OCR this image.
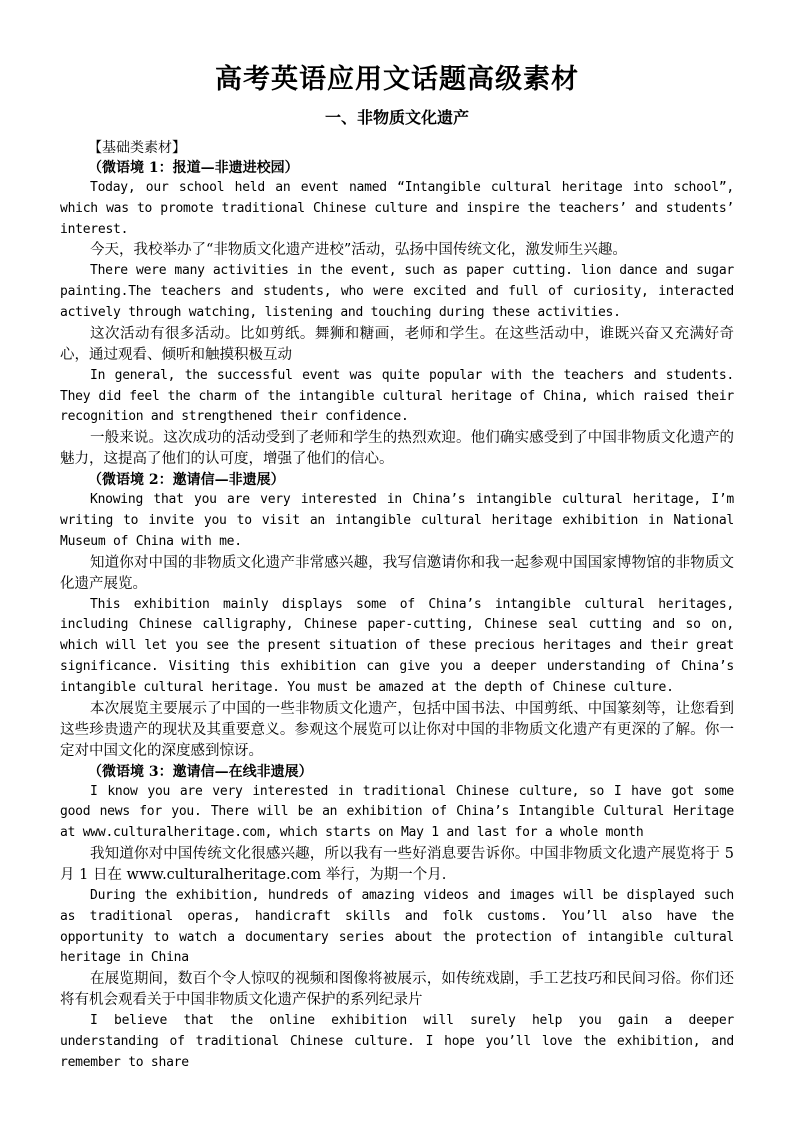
高考英语应用文话题高级素材
一、非物质文化遗产

【基础类素材】

（微语境 1：报道—非遗进校园）

Today, our school held an event named “Intangible cultural heritage into school”, which was to promote traditional Chinese culture and inspire the teachers’ and students’ interest.

今天，我校举办了“非物质文化遗产进校”活动，弘扬中国传统文化，激发师生兴趣。

There were many activities in the event, such as paper cutting. lion dance and sugar painting.The teachers and students, who were excited and full of curiosity, interacted actively through watching, listening and touching during these activities.

这次活动有很多活动。比如剪纸。舞狮和糖画，老师和学生。在这些活动中，谁既兴奋又充满好奇心，通过观看、倾听和触摸积极互动

In general, the successful event was quite popular with the teachers and students. They did feel the charm of the intangible cultural heritage of China, which raised their recognition and strengthened their confidence.

一般来说。这次成功的活动受到了老师和学生的热烈欢迎。他们确实感受到了中国非物质文化遗产的魅力，这提高了他们的认可度，增强了他们的信心。

（微语境 2：邀请信—非遗展）

Knowing that you are very interested in China’s intangible cultural heritage, I’m writing to invite you to visit an intangible cultural heritage exhibition in National Museum of China with me.

知道你对中国的非物质文化遗产非常感兴趣，我写信邀请你和我一起参观中国国家博物馆的非物质文化遗产展览。

This exhibition mainly displays some of China’s intangible cultural heritages, including Chinese calligraphy, Chinese paper-cutting, Chinese seal cutting and so on, which will let you see the present situation of these precious heritages and their great significance. Visiting this exhibition can give you a deeper understanding of China’s intangible cultural heritage. You must be amazed at the depth of Chinese culture.

本次展览主要展示了中国的一些非物质文化遗产，包括中国书法、中国剪纸、中国篆刻等，让您看到这些珍贵遗产的现状及其重要意义。参观这个展览可以让你对中国的非物质文化遗产有更深的了解。你一定对中国文化的深度感到惊讶。

（微语境 3：邀请信—在线非遗展）

I know you are very interested in traditional Chinese culture, so I have got some good news for you. There will be an exhibition of China’s Intangible Cultural Heritage at www.culturalheritage.com, which starts on May 1 and last for a whole month

我知道你对中国传统文化很感兴趣，所以我有一些好消息要告诉你。中国非物质文化遗产展览将于 5 月 1 日在 www.culturalheritage.com 举行，为期一个月.

During the exhibition, hundreds of amazing videos and images will be displayed such as traditional operas, handicraft skills and folk customs. You’ll also have the opportunity to watch a documentary series about the protection of intangible cultural heritage in China

在展览期间，数百个令人惊叹的视频和图像将被展示，如传统戏剧，手工艺技巧和民间习俗。你们还将有机会观看关于中国非物质文化遗产保护的系列纪录片

I believe that the online exhibition will surely help you gain a deeper understanding of traditional Chinese culture. I hope you’ll love the exhibition, and remember to share
